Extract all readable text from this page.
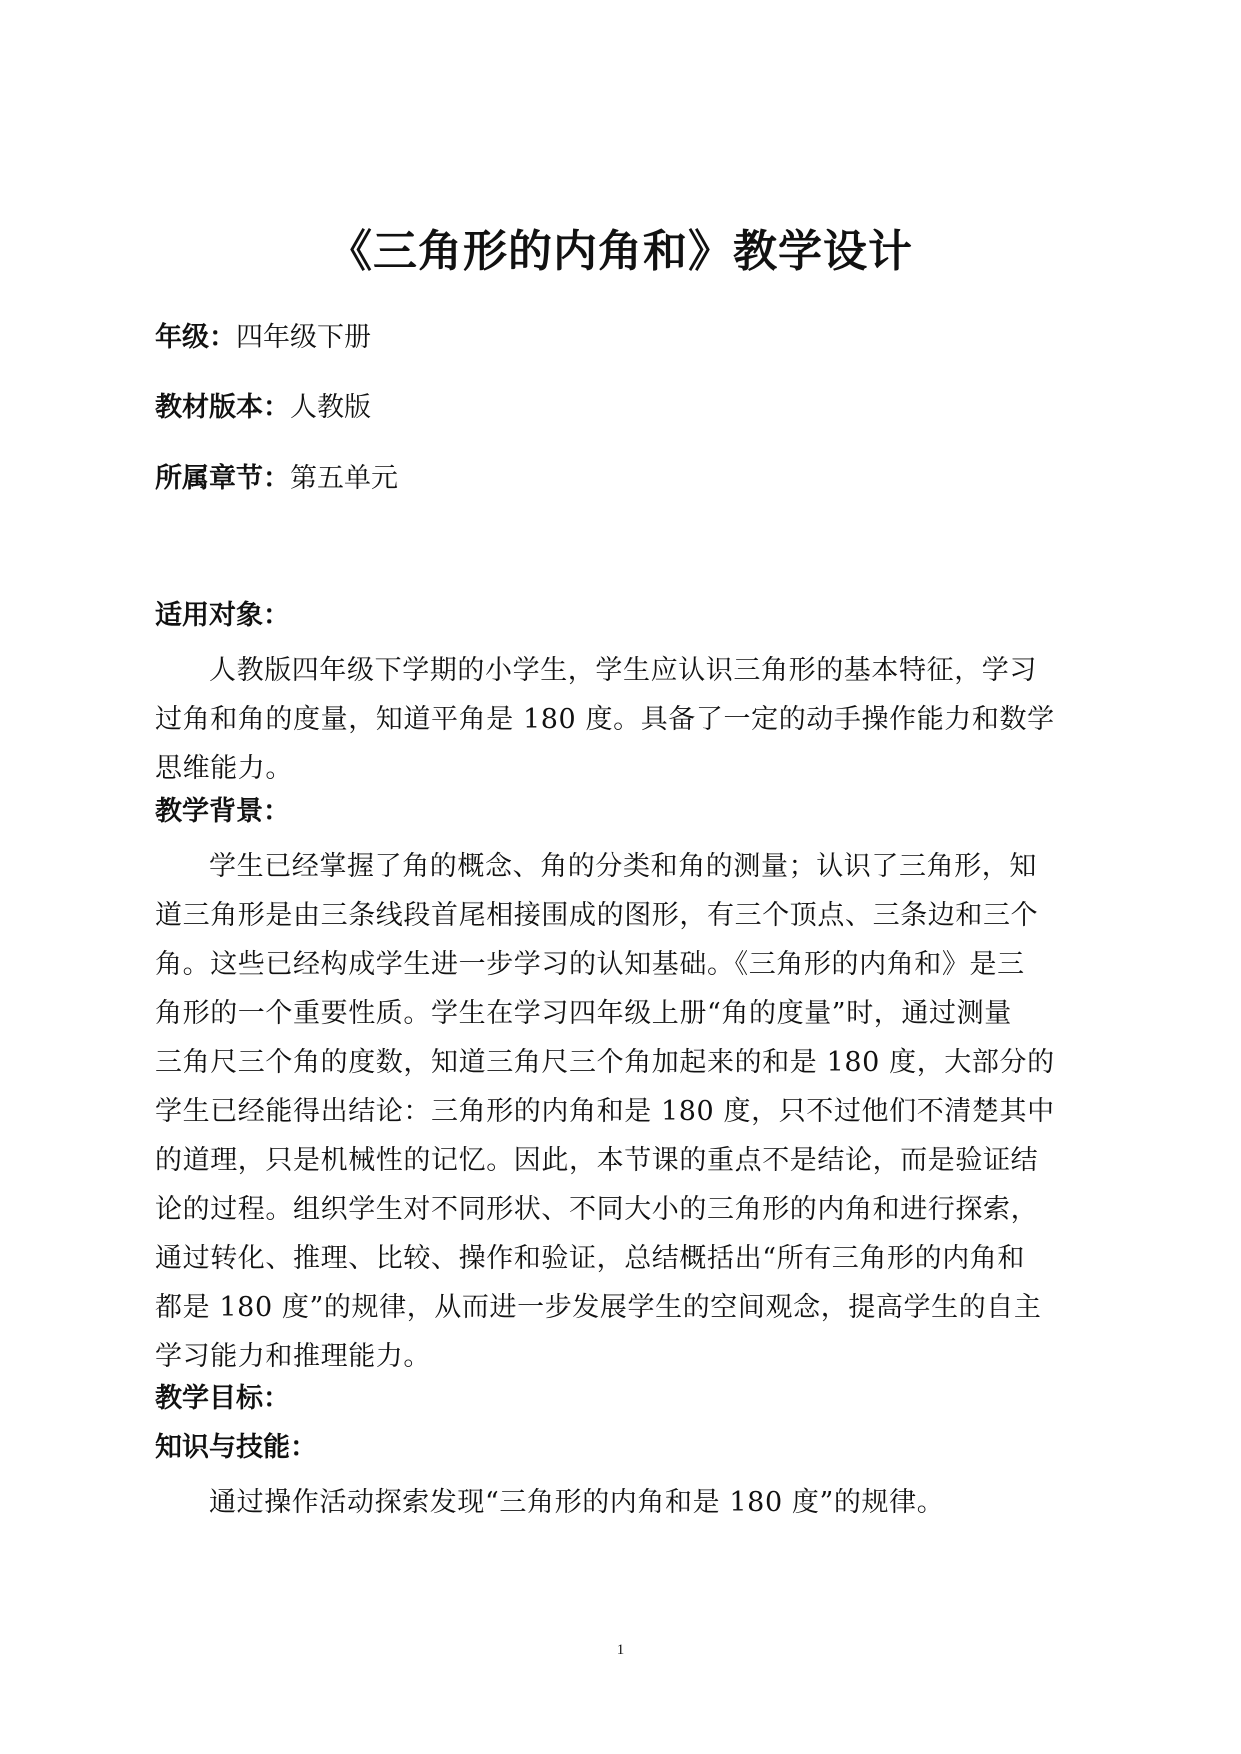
《三角形的内角和》教学设计
年级：四年级下册
教材版本：人教版
所属章节：第五单元
适用对象：
人教版四年级下学期的小学生，学生应认识三角形的基本特征，学习
过角和角的度量，知道平角是 180 度。具备了一定的动手操作能力和数学
思维能力。
教学背景：
学生已经掌握了角的概念、角的分类和角的测量；认识了三角形，知
道三角形是由三条线段首尾相接围成的图形，有三个顶点、三条边和三个
角。这些已经构成学生进一步学习的认知基础。《三角形的内角和》是三
角形的一个重要性质。学生在学习四年级上册“角的度量”时，通过测量
三角尺三个角的度数，知道三角尺三个角加起来的和是 180 度，大部分的
学生已经能得出结论：三角形的内角和是 180 度，只不过他们不清楚其中
的道理，只是机械性的记忆。因此，本节课的重点不是结论，而是验证结
论的过程。组织学生对不同形状、不同大小的三角形的内角和进行探索，
通过转化、推理、比较、操作和验证，总结概括出“所有三角形的内角和
都是 180 度”的规律，从而进一步发展学生的空间观念，提高学生的自主
学习能力和推理能力。
教学目标：
知识与技能：
通过操作活动探索发现“三角形的内角和是 180 度”的规律。
1
